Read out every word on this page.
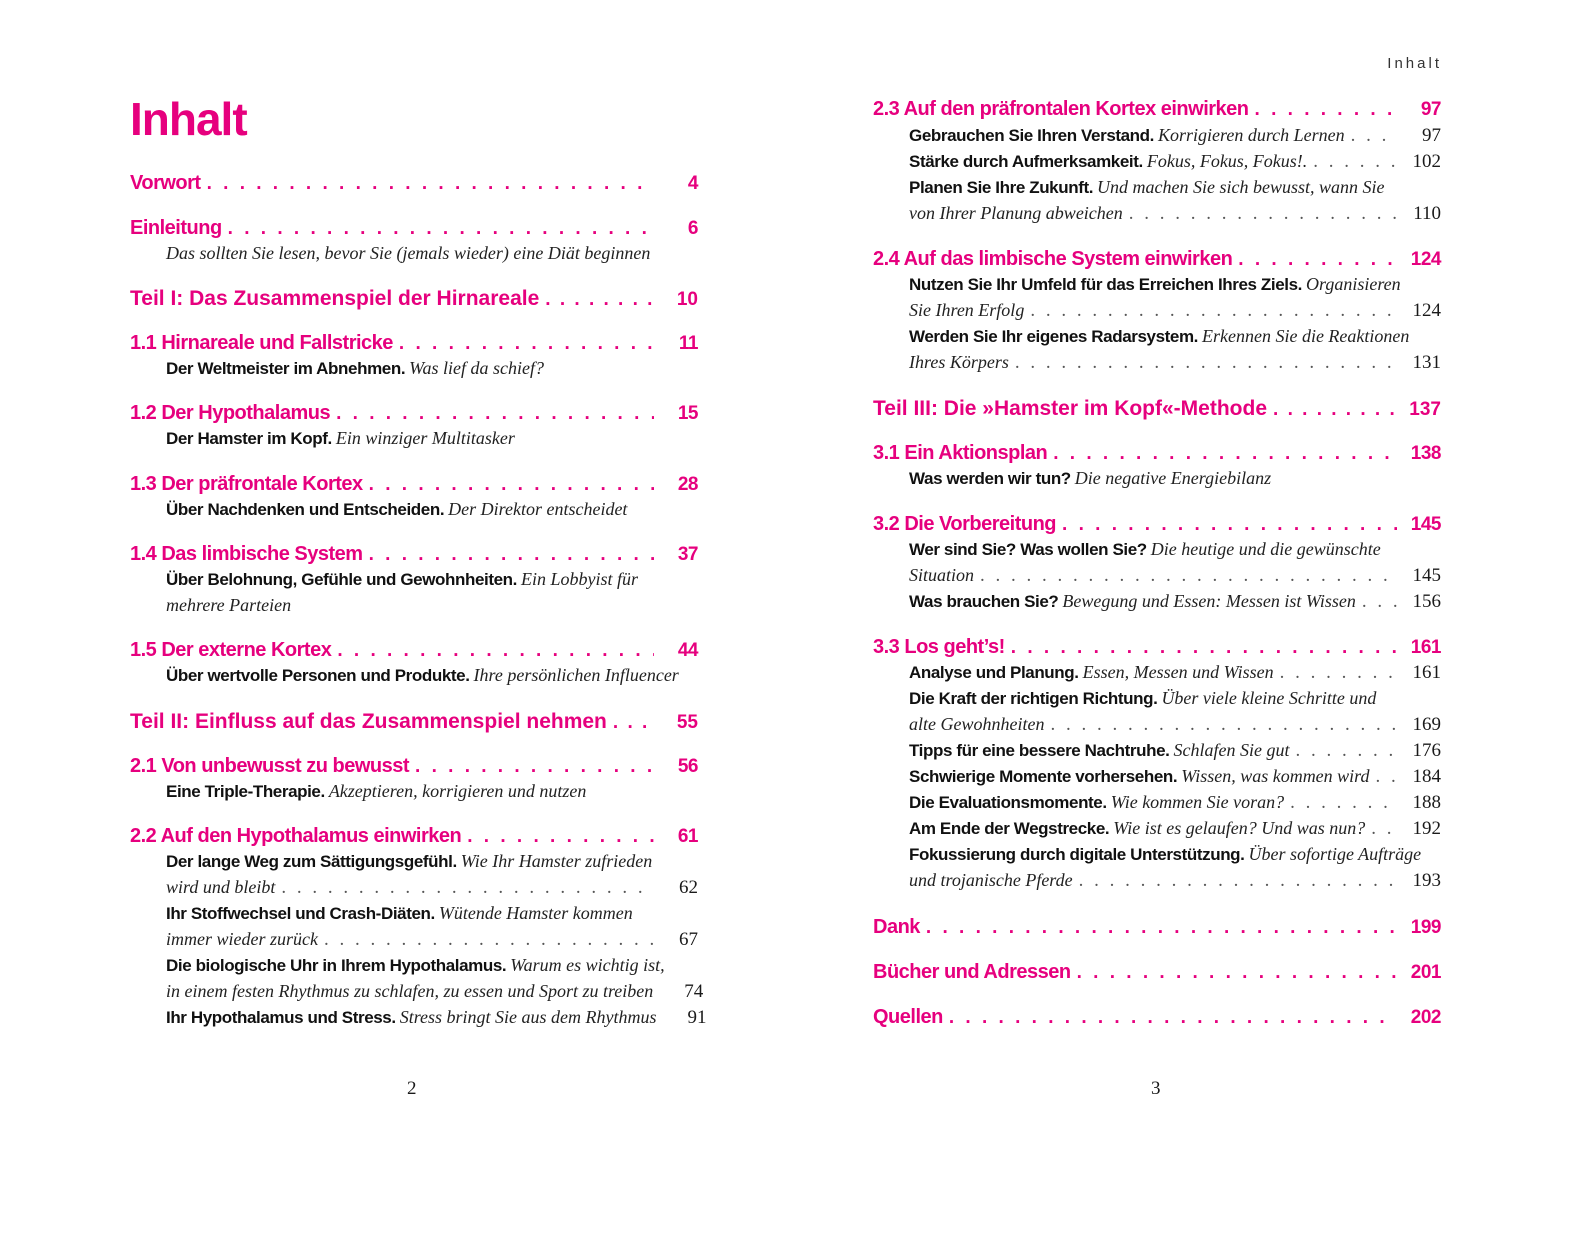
Inhalt
Inhalt
Vorwort . . .	4
Einleitung . . .	6
Das sollten Sie lesen, bevor Sie (jemals wieder) eine Diät beginnen
Teil I: Das Zusammenspiel der Hirnareale . . .	10
1.1 Hirnareale und Fallstricke . . .	11
Der Weltmeister im Abnehmen. Was lief da schief?
1.2 Der Hypothalamus . . .	15
Der Hamster im Kopf. Ein winziger Multitasker
1.3 Der präfrontale Kortex . . .	28
Über Nachdenken und Entscheiden. Der Direktor entscheidet
1.4 Das limbische System . . .	37
Über Belohnung, Gefühle und Gewohnheiten. Ein Lobbyist für
mehrere Parteien
1.5 Der externe Kortex . . .	44
Über wertvolle Personen und Produkte. Ihre persönlichen Influencer
Teil II: Einfluss auf das Zusammenspiel nehmen . . .	55
2.1 Von unbewusst zu bewusst . . .	56
Eine Triple-Therapie. Akzeptieren, korrigieren und nutzen
2.2 Auf den Hypothalamus einwirken . . .	61
Der lange Weg zum Sättigungsgefühl. Wie Ihr Hamster zufrieden
wird und bleibt . . .	62
Ihr Stoffwechsel und Crash-Diäten. Wütende Hamster kommen
immer wieder zurück . . .	67
Die biologische Uhr in Ihrem Hypothalamus. Warum es wichtig ist,
in einem festen Rhythmus zu schlafen, zu essen und Sport zu treiben	74
Ihr Hypothalamus und Stress. Stress bringt Sie aus dem Rhythmus	91
2.3 Auf den präfrontalen Kortex einwirken . . .	97
Gebrauchen Sie Ihren Verstand. Korrigieren durch Lernen . . .	97
Stärke durch Aufmerksamkeit. Fokus, Fokus, Fokus!. . . .	102
Planen Sie Ihre Zukunft. Und machen Sie sich bewusst, wann Sie
von Ihrer Planung abweichen . . .	110
2.4 Auf das limbische System einwirken . . .	124
Nutzen Sie Ihr Umfeld für das Erreichen Ihres Ziels. Organisieren
Sie Ihren Erfolg . . .	124
Werden Sie Ihr eigenes Radarsystem. Erkennen Sie die Reaktionen
Ihres Körpers . . .	131
Teil III: Die »Hamster im Kopf«-Methode . . .	137
3.1 Ein Aktionsplan . . .	138
Was werden wir tun? Die negative Energiebilanz
3.2 Die Vorbereitung . . .	145
Wer sind Sie? Was wollen Sie? Die heutige und die gewünschte
Situation . . .	145
Was brauchen Sie? Bewegung und Essen: Messen ist Wissen . . .	156
3.3 Los geht’s! . . .	161
Analyse und Planung. Essen, Messen und Wissen . . .	161
Die Kraft der richtigen Richtung. Über viele kleine Schritte und
alte Gewohnheiten . . .	169
Tipps für eine bessere Nachtruhe. Schlafen Sie gut . . .	176
Schwierige Momente vorhersehen. Wissen, was kommen wird . . .	184
Die Evaluationsmomente. Wie kommen Sie voran? . . .	188
Am Ende der Wegstrecke. Wie ist es gelaufen? Und was nun? . . .	192
Fokussierung durch digitale Unterstützung. Über sofortige Aufträge
und trojanische Pferde . . .	193
Dank . . .	199
Bücher und Adressen . . .	201
Quellen . . .	202
2	3
